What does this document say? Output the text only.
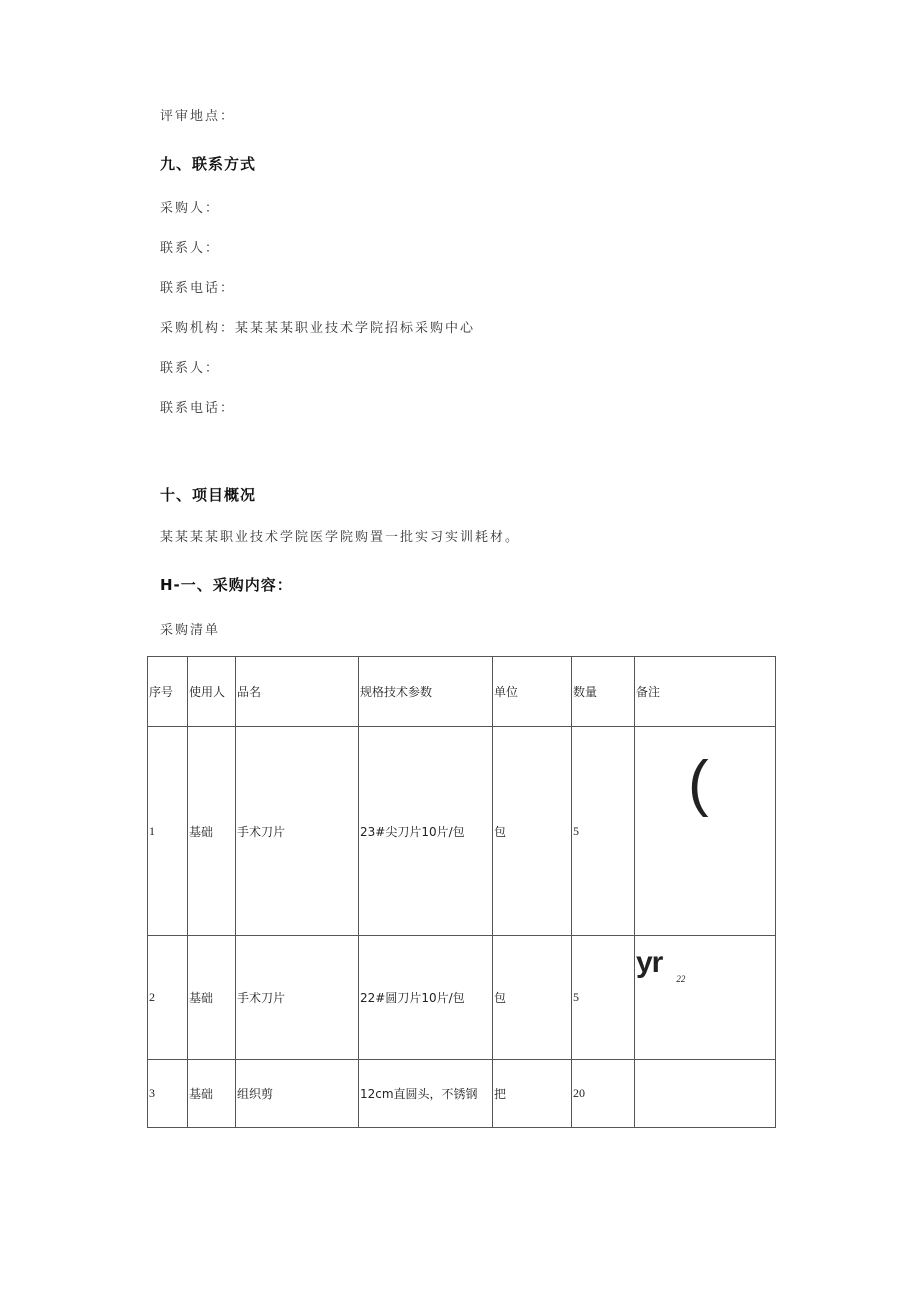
评审地点：
九、联系方式
采购人：
联系人：
联系电话：
采购机构：某某某某职业技术学院招标采购中心
联系人：
联系电话：
十、项目概况
某某某某职业技术学院医学院购置一批实习实训耗材。
H-一、采购内容：
采购清单
序号	使用人	品名	规格技术参数	单位	数量	备注
1	基础	手术刀片	23#尖刀片10片/包	包	5	(

2	基础	手术刀片	22#圆刀片10片/包	包	5	yr 22
3	基础	组织剪	12cm直圆头，不锈钢	把	20	
